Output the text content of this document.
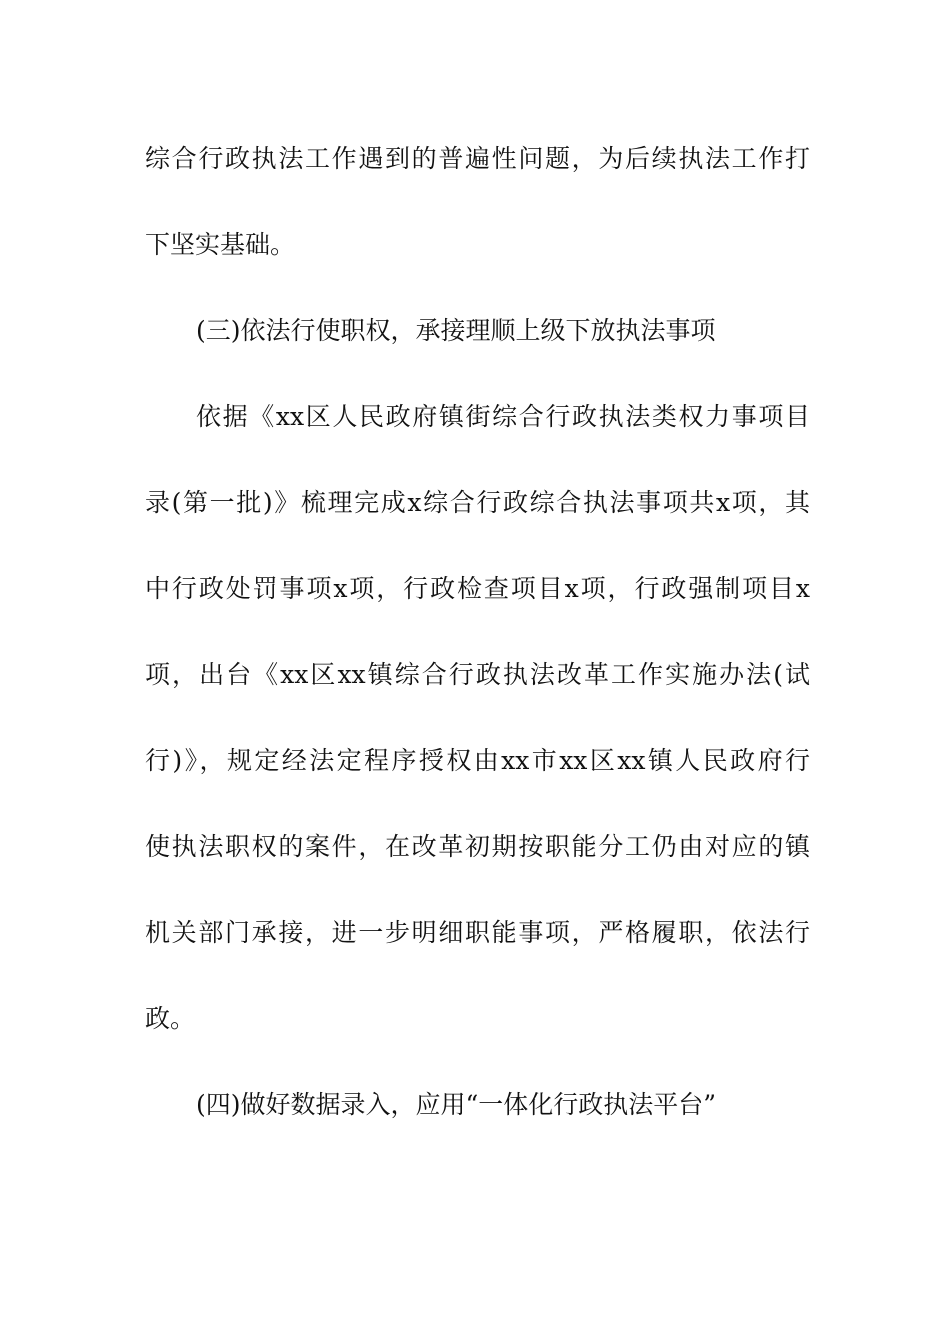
综合行政执法工作遇到的普遍性问题，为后续执法工作打
下坚实基础。
(三)依法行使职权，承接理顺上级下放执法事项
依据《xx区人民政府镇街综合行政执法类权力事项目
录(第一批)》梳理完成x综合行政综合执法事项共x项，其
中行政处罚事项x项，行政检查项目x项，行政强制项目x
项，出台《xx区xx镇综合行政执法改革工作实施办法(试
行)》，规定经法定程序授权由xx市xx区xx镇人民政府行
使执法职权的案件，在改革初期按职能分工仍由对应的镇
机关部门承接，进一步明细职能事项，严格履职，依法行
政。
(四)做好数据录入，应用“一体化行政执法平台”
